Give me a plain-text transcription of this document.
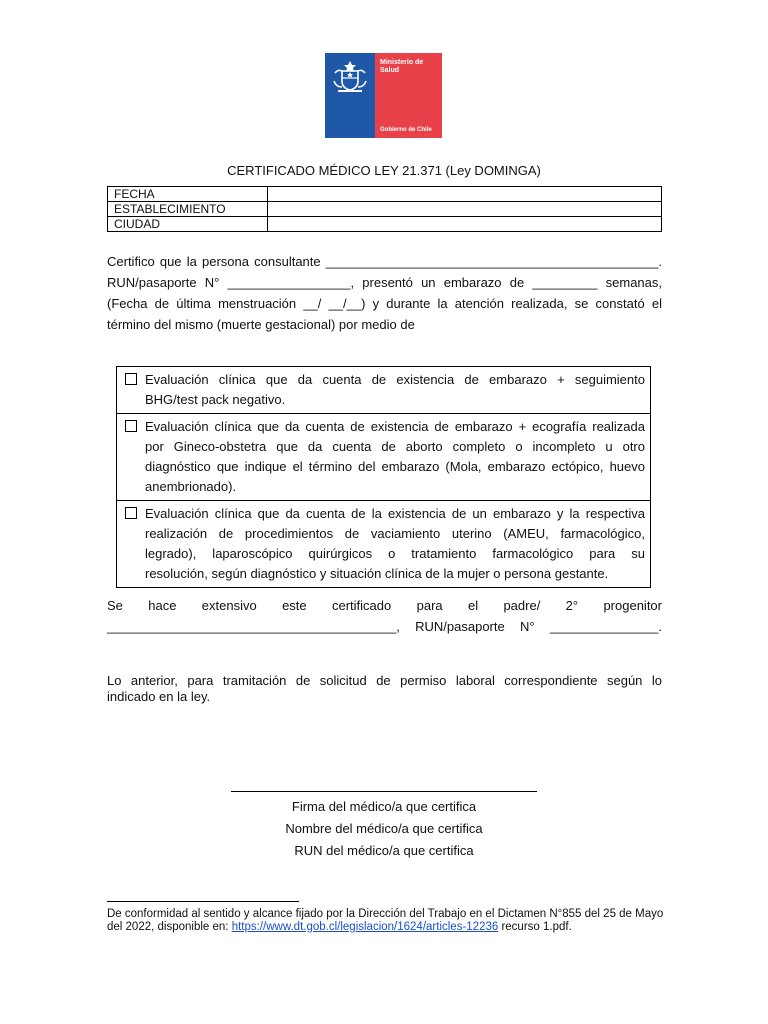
Ministerio de
Salud
Gobierno de Chile
CERTIFICADO MÉDICO LEY 21.371 (Ley DOMINGA)
FECHA	
ESTABLECIMIENTO	
CIUDAD	
Certifico que la persona consultante ______________________________________________.
RUN/pasaporte N° _________________, presentó un embarazo de _________ semanas,
(Fecha de última menstruación __/ __/__) y durante la atención realizada, se constató el
término del mismo (muerte gestacional) por medio de
Evaluación clínica que da cuenta de existencia de embarazo + seguimiento
BHG/test pack negativo.
Evaluación clínica que da cuenta de existencia de embarazo + ecografía realizada
por Gineco-obstetra que da cuenta de aborto completo o incompleto u otro
diagnóstico que indique el término del embarazo (Mola, embarazo ectópico, huevo
anembrionado).
Evaluación clínica que da cuenta de la existencia de un embarazo y la respectiva
realización de procedimientos de vaciamiento uterino (AMEU, farmacológico,
legrado), laparoscópico quirúrgicos o tratamiento farmacológico para su
resolución, según diagnóstico y situación clínica de la mujer o persona gestante.
Se hace extensivo este certificado para el padre/ 2° progenitor
________________________________________, RUN/pasaporte N° _______________.
Lo anterior, para tramitación de solicitud de permiso laboral correspondiente según lo
indicado en la ley.
Firma del médico/a que certifica
Nombre del médico/a que certifica
RUN del médico/a que certifica
De conformidad al sentido y alcance fijado por la Dirección del Trabajo en el Dictamen N°855 del 25 de Mayo del 2022, disponible en: https://www.dt.gob.cl/legislacion/1624/articles-12236 recurso 1.pdf.
